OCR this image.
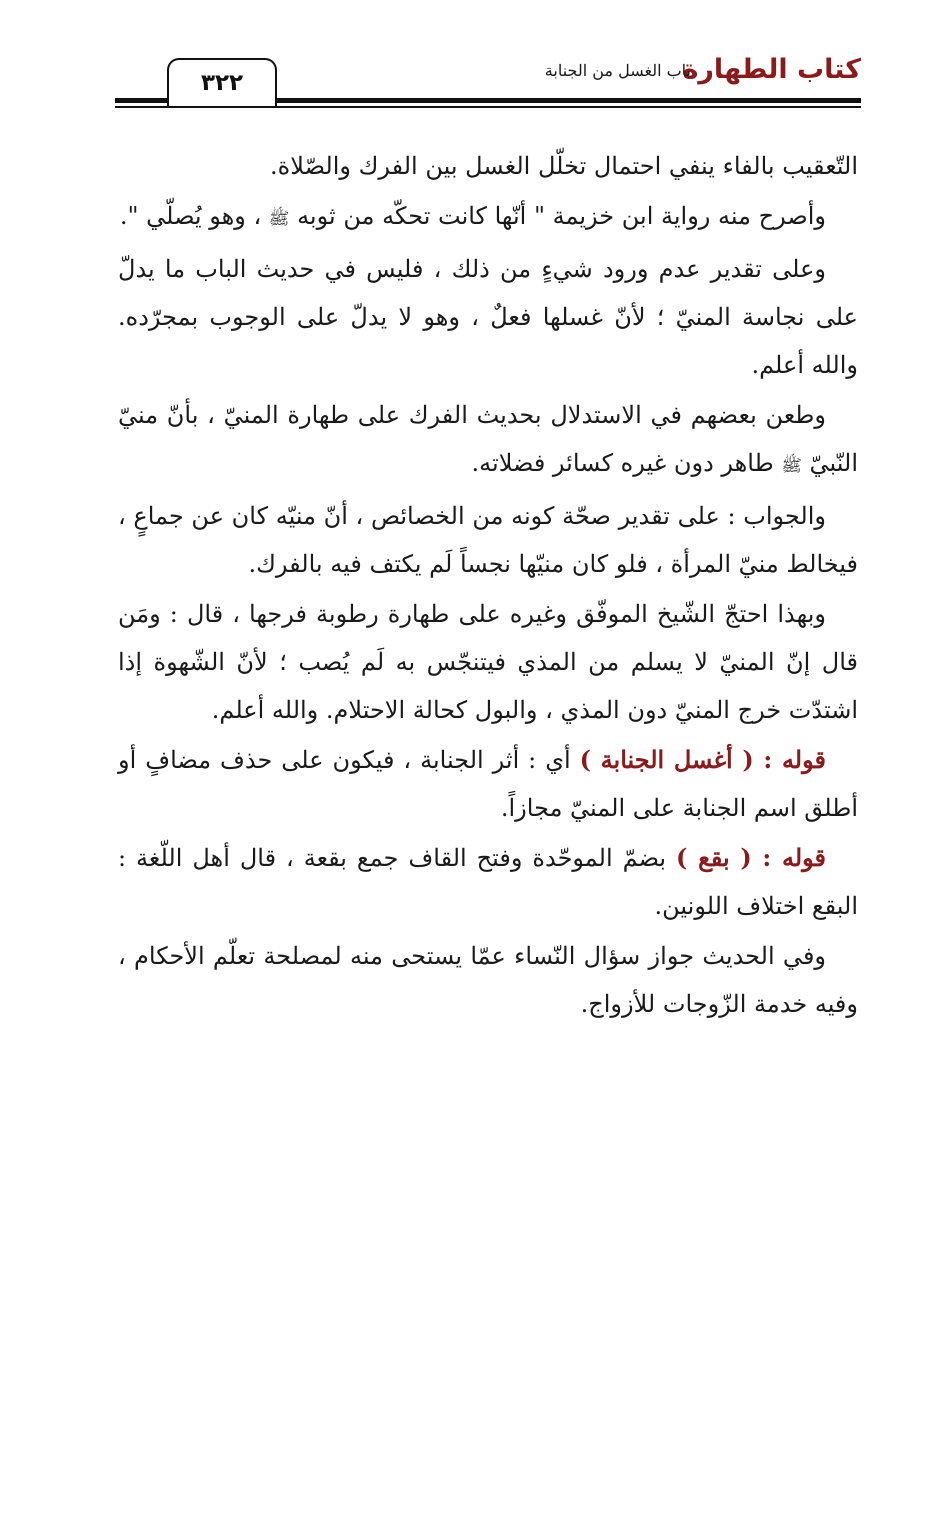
كتاب الطهارة
باب الغسل من الجنابة
٣٢٢

التّعقيب بالفاء ينفي احتمال تخلّل الغسل بين الفرك والصّلاة.

وأصرح منه رواية ابن خزيمة " أنّها كانت تحكّه من ثوبه ﷺ ، وهو يُصلّي ".

وعلى تقدير عدم ورود شيءٍ من ذلك ، فليس في حديث الباب ما يدلّ على نجاسة المنيّ ؛ لأنّ غسلها فعلٌ ، وهو لا يدلّ على الوجوب بمجرّده. والله أعلم.

وطعن بعضهم في الاستدلال بحديث الفرك على طهارة المنيّ ، بأنّ منيّ النّبيّ ﷺ طاهر دون غيره كسائر فضلاته.

والجواب : على تقدير صحّة كونه من الخصائص ، أنّ منيّه كان عن جماعٍ ، فيخالط منيّ المرأة ، فلو كان منيّها نجساً لَم يكتف فيه بالفرك.

وبهذا احتجّ الشّيخ الموفّق وغيره على طهارة رطوبة فرجها ، قال : ومَن قال إنّ المنيّ لا يسلم من المذي فيتنجّس به لَم يُصب ؛ لأنّ الشّهوة إذا اشتدّت خرج المنيّ دون المذي ، والبول كحالة الاحتلام. والله أعلم.

قوله : ( أغسل الجنابة ) أي : أثر الجنابة ، فيكون على حذف مضافٍ أو أطلق اسم الجنابة على المنيّ مجازاً.

قوله : ( بقع ) بضمّ الموحّدة وفتح القاف جمع بقعة ، قال أهل اللّغة : البقع اختلاف اللونين.

وفي الحديث جواز سؤال النّساء عمّا يستحى منه لمصلحة تعلّم الأحكام ، وفيه خدمة الزّوجات للأزواج.
